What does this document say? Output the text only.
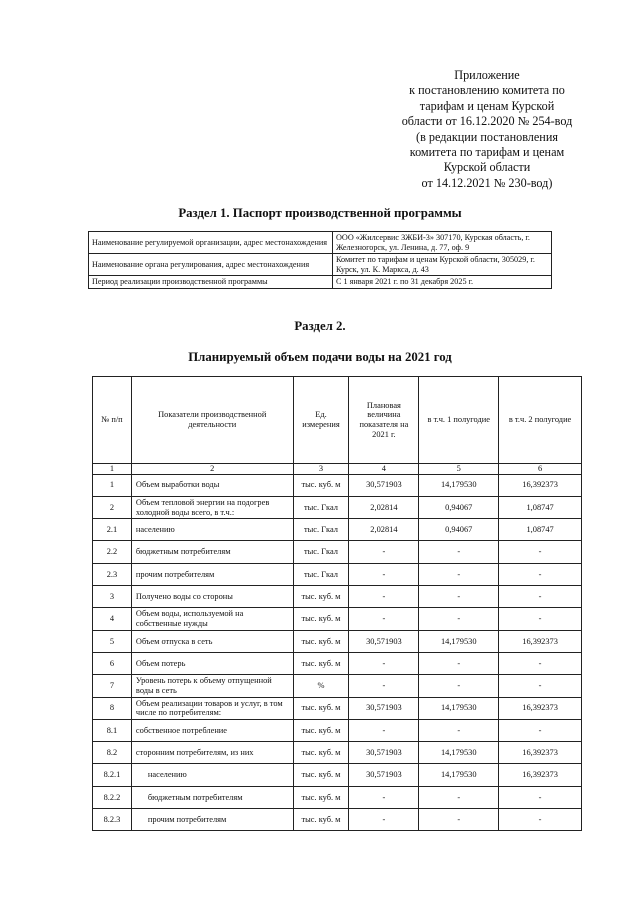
Приложение
к постановлению комитета по
тарифам и ценам Курской
области от 16.12.2020 № 254-вод
(в редакции постановления
комитета по тарифам и ценам
Курской области
от 14.12.2021 № 230-вод)
Раздел 1. Паспорт производственной программы
Наименование регулируемой организации, адрес местонахождения	ООО «Жилсервис ЗЖБИ-3» 307170, Курская область, г. Железногорск, ул. Ленина, д. 77, оф. 9
Наименование органа регулирования, адрес местонахождения	Комитет по тарифам и ценам Курской области, 305029, г. Курск, ул. К. Маркса, д. 43
Период реализации производственной программы	С 1 января 2021 г. по 31 декабря 2025 г.
Раздел 2.
Планируемый объем подачи воды на 2021 год
№ п/п	Показатели производственной деятельности	Ед. измерения	Плановая величина показателя на 2021 г.	в т.ч. 1 полугодие	в т.ч. 2 полугодие
1	2	3	4	5	6
1	Объем выработки воды	тыс. куб. м	30,571903	14,179530	16,392373
2	Объем тепловой энергии на подогрев холодной воды всего, в т.ч.:	тыс. Гкал	2,02814	0,94067	1,08747
2.1	населению	тыс. Гкал	2,02814	0,94067	1,08747
2.2	бюджетным потребителям	тыс. Гкал	-	-	-
2.3	прочим потребителям	тыс. Гкал	-	-	-
3	Получено воды со стороны	тыс. куб. м	-	-	-
4	Объем воды, используемой на собственные нужды	тыс. куб. м	-	-	-
5	Объем отпуска в сеть	тыс. куб. м	30,571903	14,179530	16,392373
6	Объем потерь	тыс. куб. м	-	-	-
7	Уровень потерь к объему отпущенной воды в сеть	%	-	-	-
8	Объем реализации товаров и услуг, в том числе по потребителям:	тыс. куб. м	30,571903	14,179530	16,392373
8.1	собственное потребление	тыс. куб. м	-	-	-
8.2	сторонним потребителям, из них	тыс. куб. м	30,571903	14,179530	16,392373
8.2.1	населению	тыс. куб. м	30,571903	14,179530	16,392373
8.2.2	бюджетным потребителям	тыс. куб. м	-	-	-
8.2.3	прочим потребителям	тыс. куб. м	-	-	-
